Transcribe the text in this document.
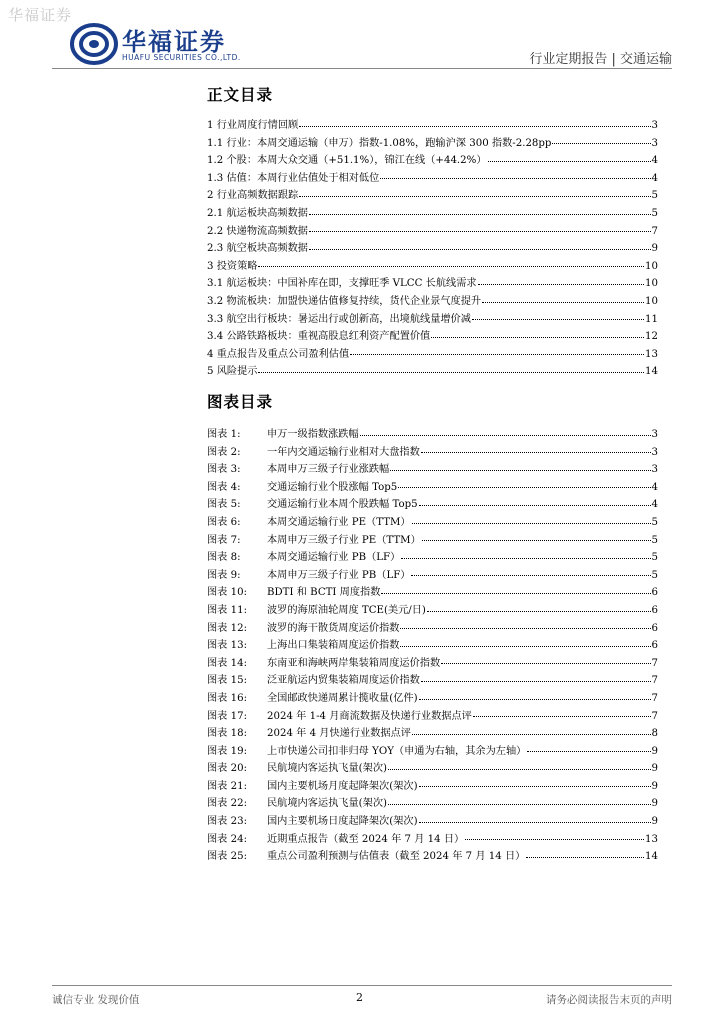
华福证券
华福证券
HUAFU SECURITIES CO.,LTD.	行业定期报告 | 交通运输
正文目录
1 行业周度行情回顾	3
1.1 行业：本周交通运输（申万）指数-1.08%，跑输沪深 300 指数-2.28pp	3
1.2 个股：本周大众交通（+51.1%），锦江在线（+44.2%）	4
1.3 估值：本周行业估值处于相对低位	4
2 行业高频数据跟踪	5
2.1 航运板块高频数据	5
2.2 快递物流高频数据	7
2.3 航空板块高频数据	9
3 投资策略	10
3.1 航运板块：中国补库在即，支撑旺季 VLCC 长航线需求	10
3.2 物流板块：加盟快递估值修复持续，货代企业景气度提升	10
3.3 航空出行板块：暑运出行或创新高，出境航线量增价减	11
3.4 公路铁路板块：重视高股息红利资产配置价值	12
4 重点报告及重点公司盈利估值	13
5 风险提示	14
图表目录
图表 1:	申万一级指数涨跌幅	3
图表 2:	一年内交通运输行业相对大盘指数	3
图表 3:	本周申万三级子行业涨跌幅	3
图表 4:	交通运输行业个股涨幅 Top5	4
图表 5:	交通运输行业本周个股跌幅 Top5	4
图表 6:	本周交通运输行业 PE（TTM）	5
图表 7:	本周申万三级子行业 PE（TTM）	5
图表 8:	本周交通运输行业 PB（LF）	5
图表 9:	本周申万三级子行业 PB（LF）	5
图表 10: BDTI 和 BCTI 周度指数	6
图表 11: 波罗的海原油轮周度 TCE(美元/日)	6
图表 12: 波罗的海干散货周度运价指数	6
图表 13: 上海出口集装箱周度运价指数	6
图表 14: 东南亚和海峡两岸集装箱周度运价指数	7
图表 15: 泛亚航运内贸集装箱周度运价指数	7
图表 16: 全国邮政快递周累计揽收量(亿件)	7
图表 17: 2024 年 1-4 月商流数据及快递行业数据点评	7
图表 18: 2024 年 4 月快递行业数据点评	8
图表 19: 上市快递公司扣非归母 YOY（申通为右轴，其余为左轴）	9
图表 20: 民航境内客运执飞量(架次)	9
图表 21: 国内主要机场月度起降架次(架次)	9
图表 22: 民航境内客运执飞量(架次)	9
图表 23: 国内主要机场日度起降架次(架次)	9
图表 24: 近期重点报告（截至 2024 年 7 月 14 日）	13
图表 25: 重点公司盈利预测与估值表（截至 2024 年 7 月 14 日）	14
诚信专业 发现价值	2	请务必阅读报告末页的声明
